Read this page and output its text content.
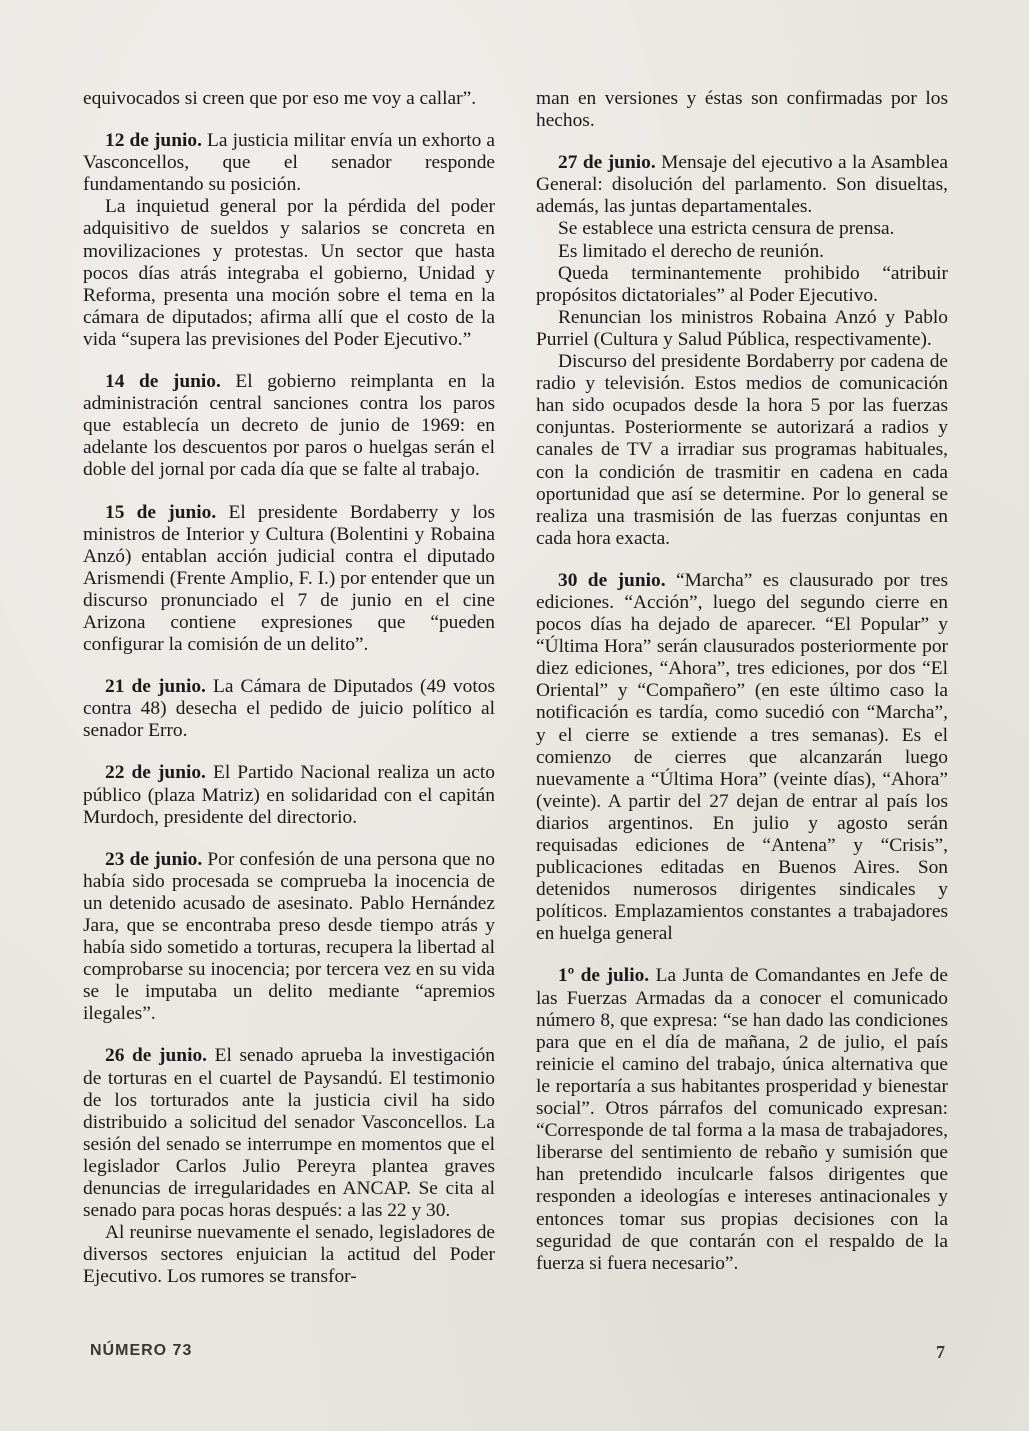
equivocados si creen que por eso me voy a callar”.

12 de junio. La justicia militar envía un exhorto a Vasconcellos, que el senador responde fundamentando su posición.

La inquietud general por la pérdida del poder adquisitivo de sueldos y salarios se concreta en movilizaciones y protestas. Un sector que hasta pocos días atrás integraba el gobierno, Unidad y Reforma, presenta una moción sobre el tema en la cámara de diputados; afirma allí que el costo de la vida “supera las previsiones del Poder Ejecutivo.”

14 de junio. El gobierno reimplanta en la administración central sanciones contra los paros que establecía un decreto de junio de 1969: en adelante los descuentos por paros o huelgas serán el doble del jornal por cada día que se falte al trabajo.

15 de junio. El presidente Bordaberry y los ministros de Interior y Cultura (Bolentini y Robaina Anzó) entablan acción judicial contra el diputado Arismendi (Frente Amplio, F. I.) por entender que un discurso pronunciado el 7 de junio en el cine Arizona contiene expresiones que “pueden configurar la comisión de un delito”.

21 de junio. La Cámara de Diputados (49 votos contra 48) desecha el pedido de juicio político al senador Erro.

22 de junio. El Partido Nacional realiza un acto público (plaza Matriz) en solidaridad con el capitán Murdoch, presidente del directorio.

23 de junio. Por confesión de una persona que no había sido procesada se comprueba la inocencia de un detenido acusado de asesinato. Pablo Hernández Jara, que se encontraba preso desde tiempo atrás y había sido sometido a torturas, recupera la libertad al comprobarse su inocencia; por tercera vez en su vida se le imputaba un delito mediante “apremios ilegales”.

26 de junio. El senado aprueba la investigación de torturas en el cuartel de Paysandú. El testimonio de los torturados ante la justicia civil ha sido distribuido a solicitud del senador Vasconcellos. La sesión del senado se interrumpe en momentos que el legislador Carlos Julio Pereyra plantea graves denuncias de irregularidades en ANCAP. Se cita al senado para pocas horas después: a las 22 y 30.

Al reunirse nuevamente el senado, legisladores de diversos sectores enjuician la actitud del Poder Ejecutivo. Los rumores se transfor-

man en versiones y éstas son confirmadas por los hechos.

27 de junio. Mensaje del ejecutivo a la Asamblea General: disolución del parlamento. Son disueltas, además, las juntas departamentales.

Se establece una estricta censura de prensa.

Es limitado el derecho de reunión.

Queda terminantemente prohibido “atribuir propósitos dictatoriales” al Poder Ejecutivo.

Renuncian los ministros Robaina Anzó y Pablo Purriel (Cultura y Salud Pública, respectivamente).

Discurso del presidente Bordaberry por cadena de radio y televisión. Estos medios de comunicación han sido ocupados desde la hora 5 por las fuerzas conjuntas. Posteriormente se autorizará a radios y canales de TV a irradiar sus programas habituales, con la condición de trasmitir en cadena en cada oportunidad que así se determine. Por lo general se realiza una trasmisión de las fuerzas conjuntas en cada hora exacta.

30 de junio. “Marcha” es clausurado por tres ediciones. “Acción”, luego del segundo cierre en pocos días ha dejado de aparecer. “El Popular” y “Última Hora” serán clausurados posteriormente por diez ediciones, “Ahora”, tres ediciones, por dos “El Oriental” y “Compañero” (en este último caso la notificación es tardía, como sucedió con “Marcha”, y el cierre se extiende a tres semanas). Es el comienzo de cierres que alcanzarán luego nuevamente a “Última Hora” (veinte días), “Ahora” (veinte). A partir del 27 dejan de entrar al país los diarios argentinos. En julio y agosto serán requisadas ediciones de “Antena” y “Crisis”, publicaciones editadas en Buenos Aires. Son detenidos numerosos dirigentes sindicales y políticos. Emplazamientos constantes a trabajadores en huelga general

1º de julio. La Junta de Comandantes en Jefe de las Fuerzas Armadas da a conocer el comunicado número 8, que expresa: “se han dado las condiciones para que en el día de mañana, 2 de julio, el país reinicie el camino del trabajo, única alternativa que le reportaría a sus habitantes prosperidad y bienestar social”. Otros párrafos del comunicado expresan: “Corresponde de tal forma a la masa de trabajadores, liberarse del sentimiento de rebaño y sumisión que han pretendido inculcarle falsos dirigentes que responden a ideologías e intereses antinacionales y entonces tomar sus propias decisiones con la seguridad de que contarán con el respaldo de la fuerza si fuera necesario”.

NÚMERO 73	7
